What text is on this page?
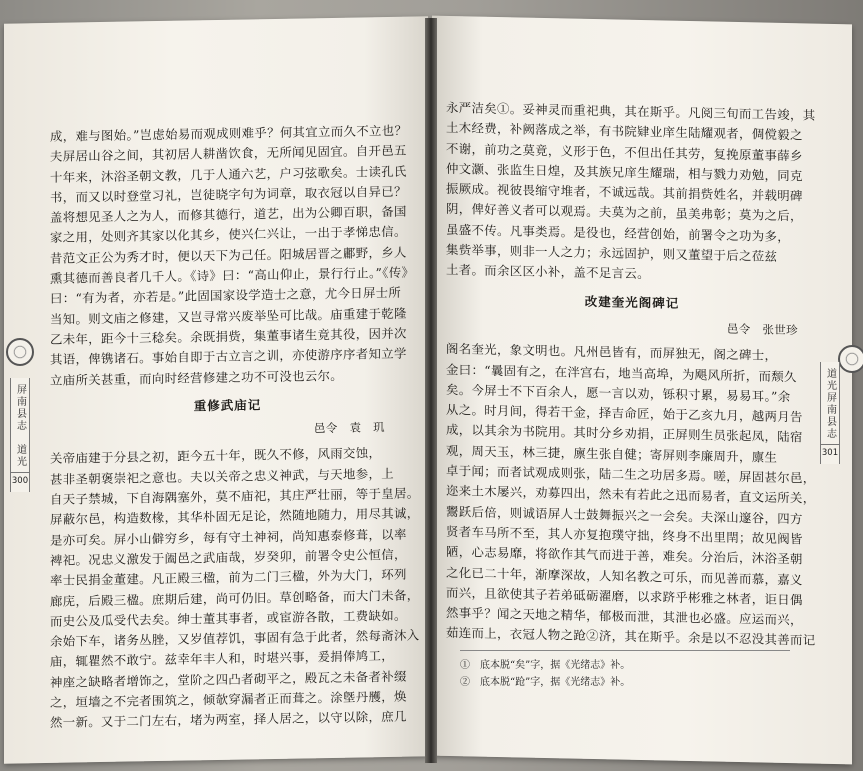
成，难与图始。”岂虑始易而观成则难乎？何其宜立而久不立也？

夫屏居山谷之间，其初居人耕凿饮食，无所闻见固宜。自开邑五

十年来，沐浴圣朝文教，几于人通六艺，户习弦歌矣。士读孔氏

书，而又以时登堂习礼，岂徒晓字句为词章，取衣冠以自异已？

盖将想见圣人之为人，而修其德行，道艺，出为公卿百职，备国

家之用，处则齐其家以化其乡，使兴仁兴让，一出于孝悌忠信。

昔范文正公为秀才时，便以天下为己任。阳城居晋之鄘野，乡人

熏其德而善良者几千人。《诗》曰：“高山仰止，景行行止。”《传》

曰：“有为者，亦若是。”此固国家设学造士之意，尤今日屏士所

当知。则文庙之修建，又岂寻常兴废举坠可比哉。庙重建于乾隆

乙未年，距今十三稔矣。余既捐赀，集董事诸生竟其役，因并次

其语，俾镌诸石。事始自即于古立言之训，亦使游序序者知立学

立庙所关甚重，而向时经营修建之功不可没也云尔。

重修武庙记

邑令　袁　玑

关帝庙建于分县之初，距今五十年，既久不修，风雨交蚀，

甚非圣朝褒崇祀之意也。夫以关帝之忠义神武，与天地参，上

自天子禁城，下自海隅塞外，莫不庙祀，其庄严壮丽，等于皇居。

屏蔽尔邑，构造数椽，其华朴固无足论，然随地随力，用尽其诚，

是亦可矣。屏小山僻穷乡，每有守土神祠，尚知惠泰修葺，以率

裨祀。况忠义激发于阖邑之武庙哉，岁癸卯，前署令史公恒信，

率士民捐金董建。凡正殿三楹，前为二门三楹，外为大门，环列

廊庑，后殿三楹。庶期后建，尚可仍旧。草创略备，而大门未备，

而史公及瓜受代去矣。绅士董其事者，或宦游各散，工费缺如。

余始下车，诸务丛脞，又岁值荐饥，事固有急于此者，然每斋沐入

庙，辄瞿然不敢宁。兹幸年丰人和，时堪兴事，爰捐俸鸠工，

神座之缺略者增饰之，堂阶之四凸者砌平之，殿瓦之未备者补缀

之，垣墙之不完者围筑之，倾欹穿漏者正而葺之。涂墍丹雘，焕

然一新。又于二门左右，堵为两室，择人居之，以守以除，庶几

永严洁矣①。妥神灵而重祀典，其在斯乎。凡阅三旬而工告竣，其

土木经费，补阙落成之举，有书院肄业庠生陆耀观者，倜傥毅之

不谢，前功之莫竟，义形于色，不但出任其劳，复挽原董事薛乡

仲文灏、张监生日煌，及其族兄庠生耀瑞，相与戮力劝勉，同克

振厥成。视彼畏缩守堆者，不诚远哉。其前捐赀姓名，并载明碑

阴，俾好善义者可以观焉。夫莫为之前，虽美弗彰；莫为之后，

虽盛不传。凡事类焉。是役也，经营创始，前署令之功为多，

集赀举事，则非一人之力；永远固护，则又董望于后之莅兹

土者。而余区区小补，盖不足言云。

改建奎光阁碑记

邑令　张世珍

阁名奎光，象文明也。凡州邑皆有，而屏独无，阁之碑士，

金曰：“曩固有之，在泮宫右，地当高埠，为飓风所折，而颓久

矣。今屏士不下百余人，愿一言以劝，铄积寸累，易易耳。”余

从之。时月间，得若干金，择吉命匠，始于乙亥九月，越两月告

成，以其余为书院用。其时分乡劝捐，正屏则生员张起凤，陆宿

观，周天玉，林三捷，廪生张自健；寄屏则李廉周升，廪生

卓于闻；而者试观成则张，陆二生之功居多焉。嗟，屏固甚尔邑，

迩来土木屡兴，劝募四出，然未有若此之迅而易者，直文运所关，

鬻跃后倍，则诚语屏人士鼓舞振兴之一会矣。夫深山邃谷，四方

贤者车马所不至，其人亦复抱璞守拙，终身不出里閈；故见阀皆

陋，心志易靡，将欲作其气而进于善，难矣。分治后，沐浴圣朝

之化已二十年，渐摩深故，人知名教之可乐，而见善而慕，嘉义

而兴，且欲使其子若弟砥砺濯磨，以求跻乎彬雅之林者，讵日偶

然事乎？闻之天地之精华，郁极而泄，其泄也必盛。应运而兴，

茹连而上，衣冠人物之跄②济，其在斯乎。余是以不忍没其善而记

屏南县志　道光
300
道光屏南县志
301

①　底本脱“矣”字，据《光绪志》补。

②　底本脱“跄”字，据《光绪志》补。
